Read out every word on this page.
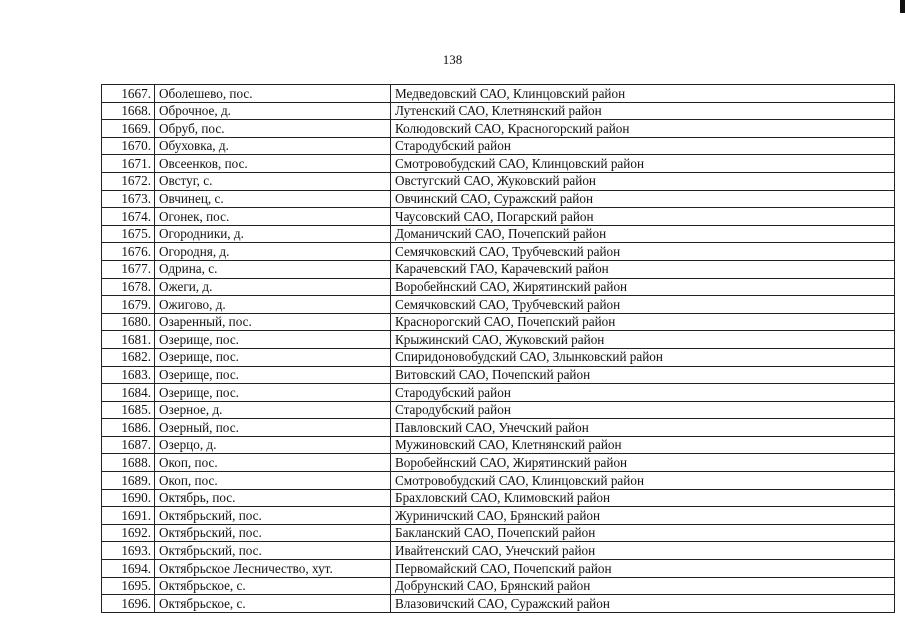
138
1667.	Оболешево, пос.	Медведовский САО, Клинцовский район
1668.	Оброчное, д.	Лутенский САО, Клетнянский район
1669.	Обруб, пос.	Колюдовский САО, Красногорский район
1670.	Обуховка, д.	Стародубский район
1671.	Овсеенков, пос.	Смотровобудский САО, Клинцовский район
1672.	Овстуг, с.	Овстугский САО, Жуковский район
1673.	Овчинец, с.	Овчинский САО, Суражский район
1674.	Огонек, пос.	Чаусовский САО, Погарский район
1675.	Огородники, д.	Доманичский САО, Почепский район
1676.	Огородня, д.	Семячковский САО, Трубчевский район
1677.	Одрина, с.	Карачевский ГАО, Карачевский район
1678.	Ожеги, д.	Воробейнский САО, Жирятинский район
1679.	Ожигово, д.	Семячковский САО, Трубчевский район
1680.	Озаренный, пос.	Краснорогский САО, Почепский район
1681.	Озерище, пос.	Крыжинский САО, Жуковский район
1682.	Озерище, пос.	Спиридоновобудский САО, Злынковский район
1683.	Озерище, пос.	Витовский САО, Почепский район
1684.	Озерище, пос.	Стародубский район
1685.	Озерное, д.	Стародубский район
1686.	Озерный, пос.	Павловский САО, Унечский район
1687.	Озерцо, д.	Мужиновский САО, Клетнянский район
1688.	Окоп, пос.	Воробейнский САО, Жирятинский район
1689.	Окоп, пос.	Смотровобудский САО, Клинцовский район
1690.	Октябрь, пос.	Брахловский САО, Климовский район
1691.	Октябрьский, пос.	Журиничский САО, Брянский район
1692.	Октябрьский, пос.	Бакланский САО, Почепский район
1693.	Октябрьский, пос.	Ивайтенский САО, Унечский район
1694.	Октябрьское Лесничество, хут.	Первомайский САО, Почепский район
1695.	Октябрьское, с.	Добрунский САО, Брянский район
1696.	Октябрьское, с.	Влазовичский САО, Суражский район
